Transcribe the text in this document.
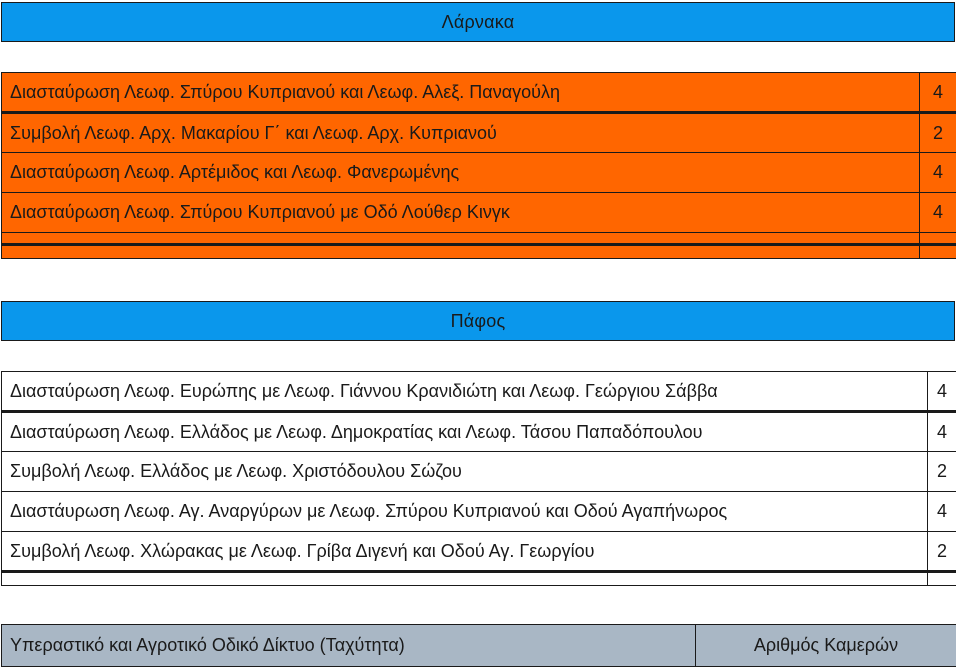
Λάρνακα
Διασταύρωση Λεωφ. Σπύρου Κυπριανού και Λεωφ. Αλεξ. Παναγούλη	4
Συμβολή Λεωφ. Αρχ. Μακαρίου Γ΄ και Λεωφ. Αρχ. Κυπριανού	2
Διασταύρωση Λεωφ. Αρτέμιδος και Λεωφ. Φανερωμένης	4
Διασταύρωση Λεωφ. Σπύρου Κυπριανού με Οδό Λούθερ Κινγκ	4

Πάφος
Διασταύρωση Λεωφ. Ευρώπης με Λεωφ. Γιάννου Κρανιδιώτη και Λεωφ. Γεώργιου Σάββα	4
Διασταύρωση Λεωφ. Ελλάδος με Λεωφ. Δημοκρατίας και Λεωφ. Τάσου Παπαδόπουλου	4
Συμβολή Λεωφ. Ελλάδος με Λεωφ. Χριστόδουλου Σώζου	2
Διαστάυρωση Λεωφ. Αγ. Αναργύρων με Λεωφ. Σπύρου Κυπριανού και Οδού Αγαπήνωρος	4
Συμβολή Λεωφ. Χλώρακας με Λεωφ. Γρίβα Διγενή και Οδού Αγ. Γεωργίου	2

Υπεραστικό και Αγροτικό Οδικό Δίκτυο (Ταχύτητα)	Αριθμός Καμερών
